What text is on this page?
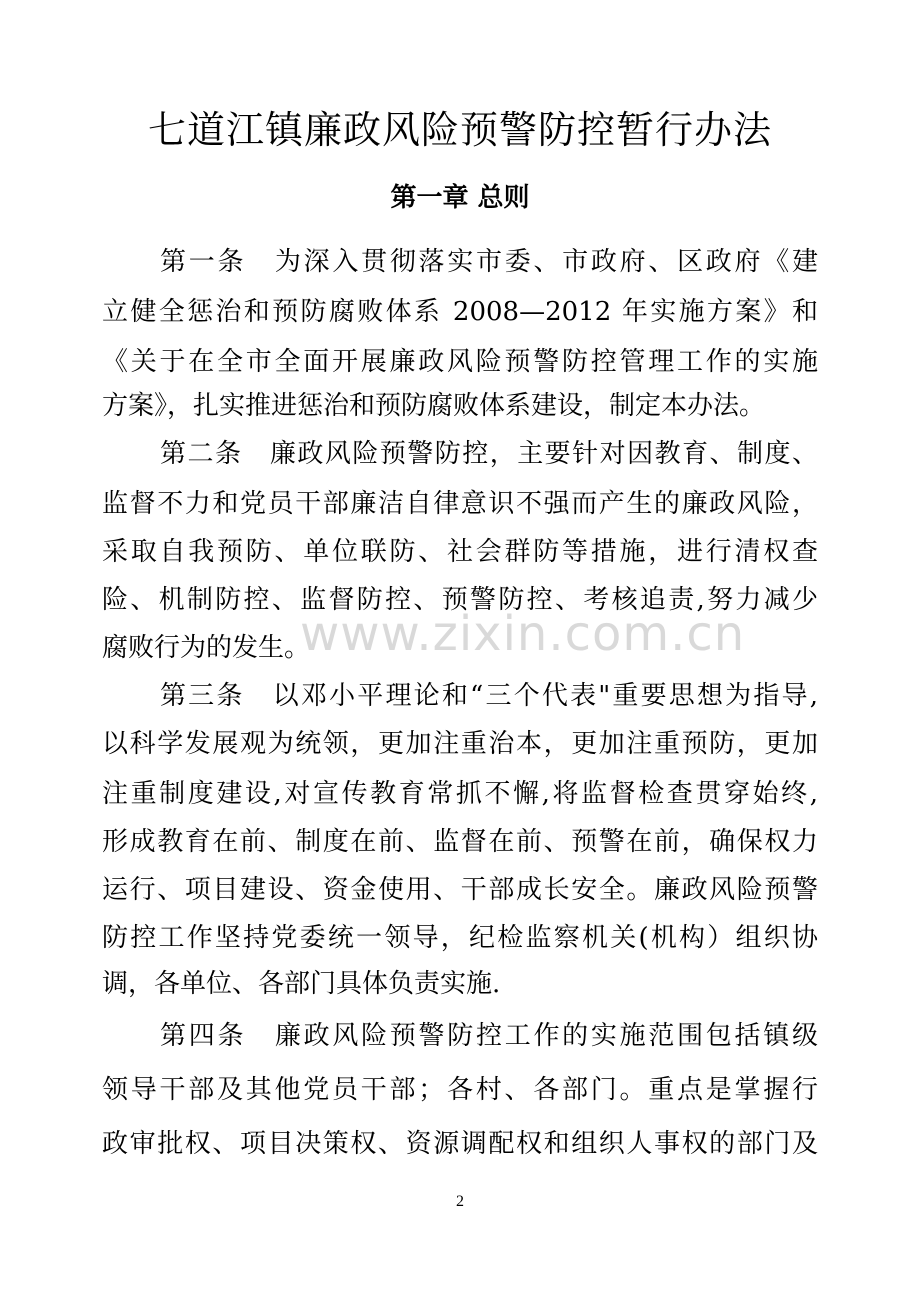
七道江镇廉政风险预警防控暂行办法
第一章 总则

第一条　为深入贯彻落实市委、市政府、区政府《建

立健全惩治和预防腐败体系 2008—2012 年实施方案》和

《关于在全市全面开展廉政风险预警防控管理工作的实施

方案》，扎实推进惩治和预防腐败体系建设，制定本办法。

第二条　廉政风险预警防控，主要针对因教育、制度、

监督不力和党员干部廉洁自律意识不强而产生的廉政风险，

采取自我预防、单位联防、社会群防等措施，进行清权查

险、机制防控、监督防控、预警防控、考核追责,努力减少

腐败行为的发生。

www.zixin.com.cn

第三条　以邓小平理论和“三个代表"重要思想为指导,

以科学发展观为统领，更加注重治本，更加注重预防，更加

注重制度建设,对宣传教育常抓不懈,将监督检查贯穿始终,

形成教育在前、制度在前、监督在前、预警在前，确保权力

运行、项目建设、资金使用、干部成长安全。廉政风险预警

防控工作坚持党委统一领导，纪检监察机关(机构）组织协

调，各单位、各部门具体负责实施.

第四条　廉政风险预警防控工作的实施范围包括镇级

领导干部及其他党员干部；各村、各部门。重点是掌握行

政审批权、项目决策权、资源调配权和组织人事权的部门及

2
